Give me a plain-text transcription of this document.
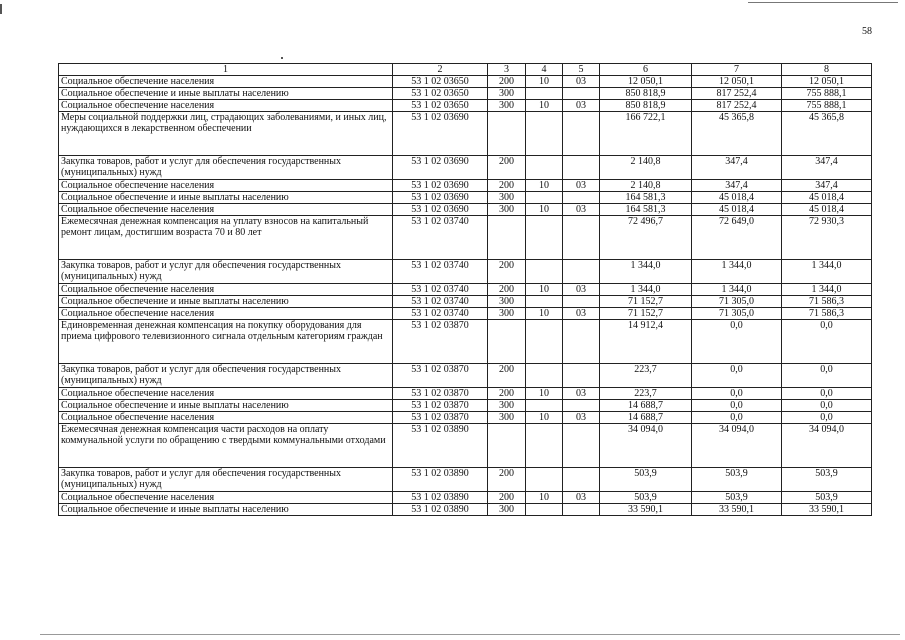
58
1	2	3	4	5	6	7	8
Социальное обеспечение населения	53 1 02 03650	200	10	03	12 050,1	12 050,1	12 050,1
Социальное обеспечение и иные выплаты населению	53 1 02 03650	300			850 818,9	817 252,4	755 888,1
Социальное обеспечение населения	53 1 02 03650	300	10	03	850 818,9	817 252,4	755 888,1
Меры социальной поддержки лиц, страдающих заболеваниями, и иных лиц, нуждающихся в лекарственном обеспечении	53 1 02 03690				166 722,1	45 365,8	45 365,8
Закупка товаров, работ и услуг для обеспечения государственных (муниципальных) нужд	53 1 02 03690	200			2 140,8	347,4	347,4
Социальное обеспечение населения	53 1 02 03690	200	10	03	2 140,8	347,4	347,4
Социальное обеспечение и иные выплаты населению	53 1 02 03690	300			164 581,3	45 018,4	45 018,4
Социальное обеспечение населения	53 1 02 03690	300	10	03	164 581,3	45 018,4	45 018,4
Ежемесячная денежная компенсация на уплату взносов на капитальный ремонт лицам, достигшим возраста 70 и 80 лет	53 1 02 03740				72 496,7	72 649,0	72 930,3
Закупка товаров, работ и услуг для обеспечения государственных (муниципальных) нужд	53 1 02 03740	200			1 344,0	1 344,0	1 344,0
Социальное обеспечение населения	53 1 02 03740	200	10	03	1 344,0	1 344,0	1 344,0
Социальное обеспечение и иные выплаты населению	53 1 02 03740	300			71 152,7	71 305,0	71 586,3
Социальное обеспечение населения	53 1 02 03740	300	10	03	71 152,7	71 305,0	71 586,3
Единовременная денежная компенсация на покупку оборудования для приема цифрового телевизионного сигнала отдельным категориям граждан	53 1 02 03870				14 912,4	0,0	0,0
Закупка товаров, работ и услуг для обеспечения государственных (муниципальных) нужд	53 1 02 03870	200			223,7	0,0	0,0
Социальное обеспечение населения	53 1 02 03870	200	10	03	223,7	0,0	0,0
Социальное обеспечение и иные выплаты населению	53 1 02 03870	300			14 688,7	0,0	0,0
Социальное обеспечение населения	53 1 02 03870	300	10	03	14 688,7	0,0	0,0
Ежемесячная денежная компенсация части расходов на оплату коммунальной услуги по обращению с твердыми коммунальными отходами	53 1 02 03890				34 094,0	34 094,0	34 094,0
Закупка товаров, работ и услуг для обеспечения государственных (муниципальных) нужд	53 1 02 03890	200			503,9	503,9	503,9
Социальное обеспечение населения	53 1 02 03890	200	10	03	503,9	503,9	503,9
Социальное обеспечение и иные выплаты населению	53 1 02 03890	300			33 590,1	33 590,1	33 590,1
